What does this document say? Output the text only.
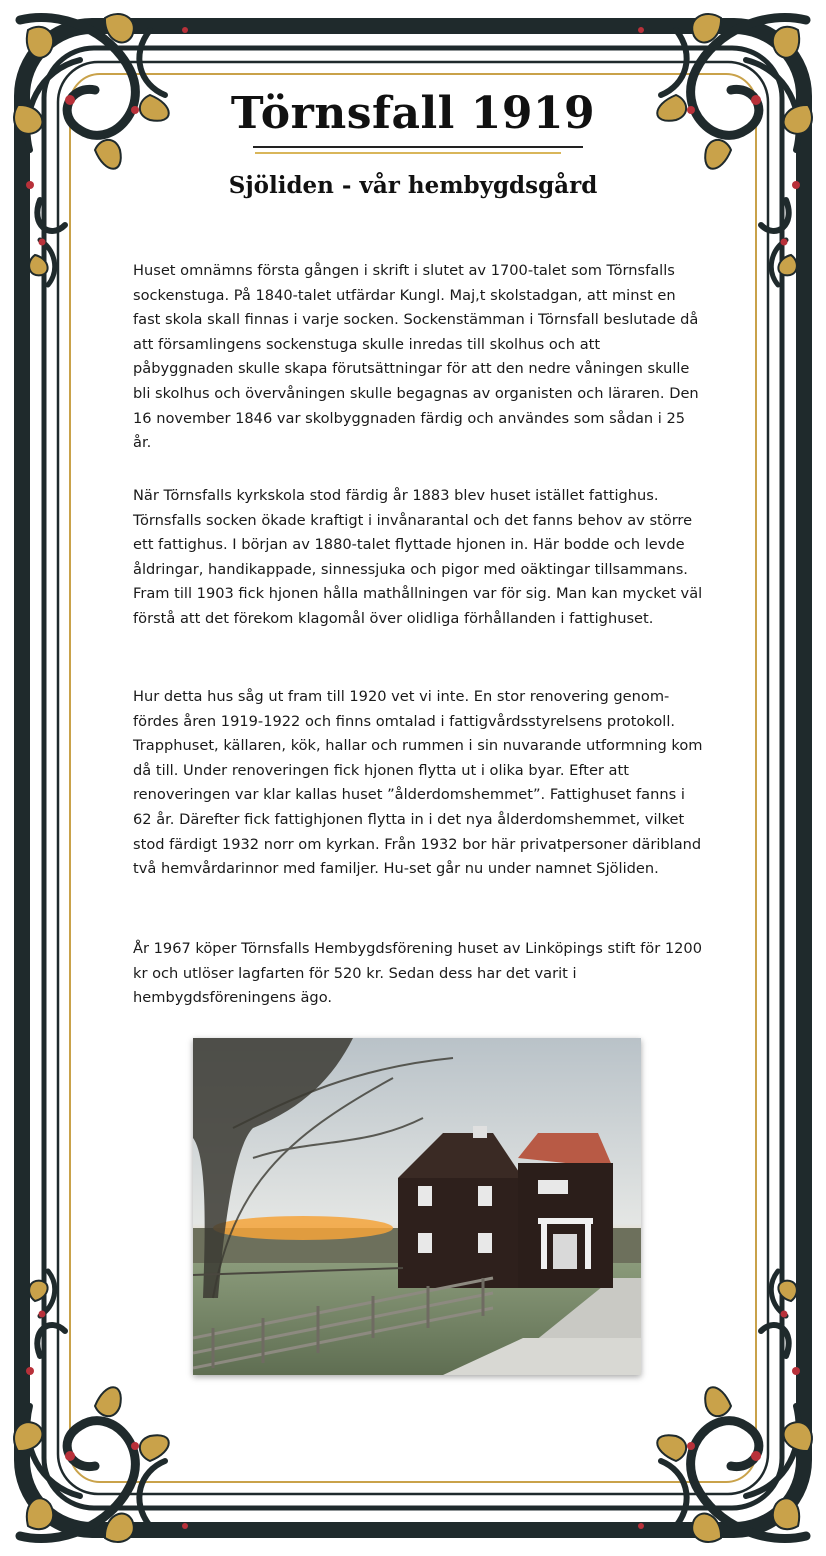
Törnsfall 1919
Sjöliden - vår hembygdsgård

Huset omnämns första gången i skrift i slutet av 1700-talet som Törnsfalls sockenstuga. På 1840-talet utfärdar Kungl. Maj,t skolstadgan, att minst en fast skola skall finnas i varje socken. Sockenstämman i Törnsfall beslutade då att församlingens sockenstuga skulle inredas till skolhus och att påbyggnaden skulle skapa förutsättningar för att den nedre våningen skulle bli skolhus och övervåningen skulle begagnas av organisten och läraren. Den 16 november 1846 var skolbyggnaden färdig och användes som sådan i 25 år.

När Törnsfalls kyrkskola stod färdig år 1883 blev huset istället fattighus. Törnsfalls socken ökade kraftigt i invånarantal och det fanns behov av större ett fattighus. I början av 1880-talet flyttade hjonen in. Här bodde och levde åldringar, handikappade, sinnessjuka och pigor med oäktingar tillsammans. Fram till 1903 fick hjonen hålla mathållningen var för sig. Man kan mycket väl förstå att det förekom klagomål över olidliga förhållanden i fattighuset.

Hur detta hus såg ut fram till 1920 vet vi inte. En stor renovering genom-fördes åren 1919-1922 och finns omtalad i fattigvårdsstyrelsens protokoll. Trapphuset, källaren, kök, hallar och rummen i sin nuvarande utformning kom då till. Under renoveringen fick hjonen flytta ut i olika byar. Efter att renoveringen var klar kallas huset ”ålderdomshemmet”. Fattighuset fanns i 62 år. Därefter fick fattighjonen flytta in i det nya ålderdomshemmet, vilket stod färdigt 1932 norr om kyrkan. Från 1932 bor här privatpersoner däribland två hemvårdarinnor med familjer. Hu-set går nu under namnet Sjöliden.

År 1967 köper Törnsfalls Hembygdsförening huset av Linköpings stift för 1200 kr och utlöser lagfarten för 520 kr. Sedan dess har det varit i hembygdsföreningens ägo.
